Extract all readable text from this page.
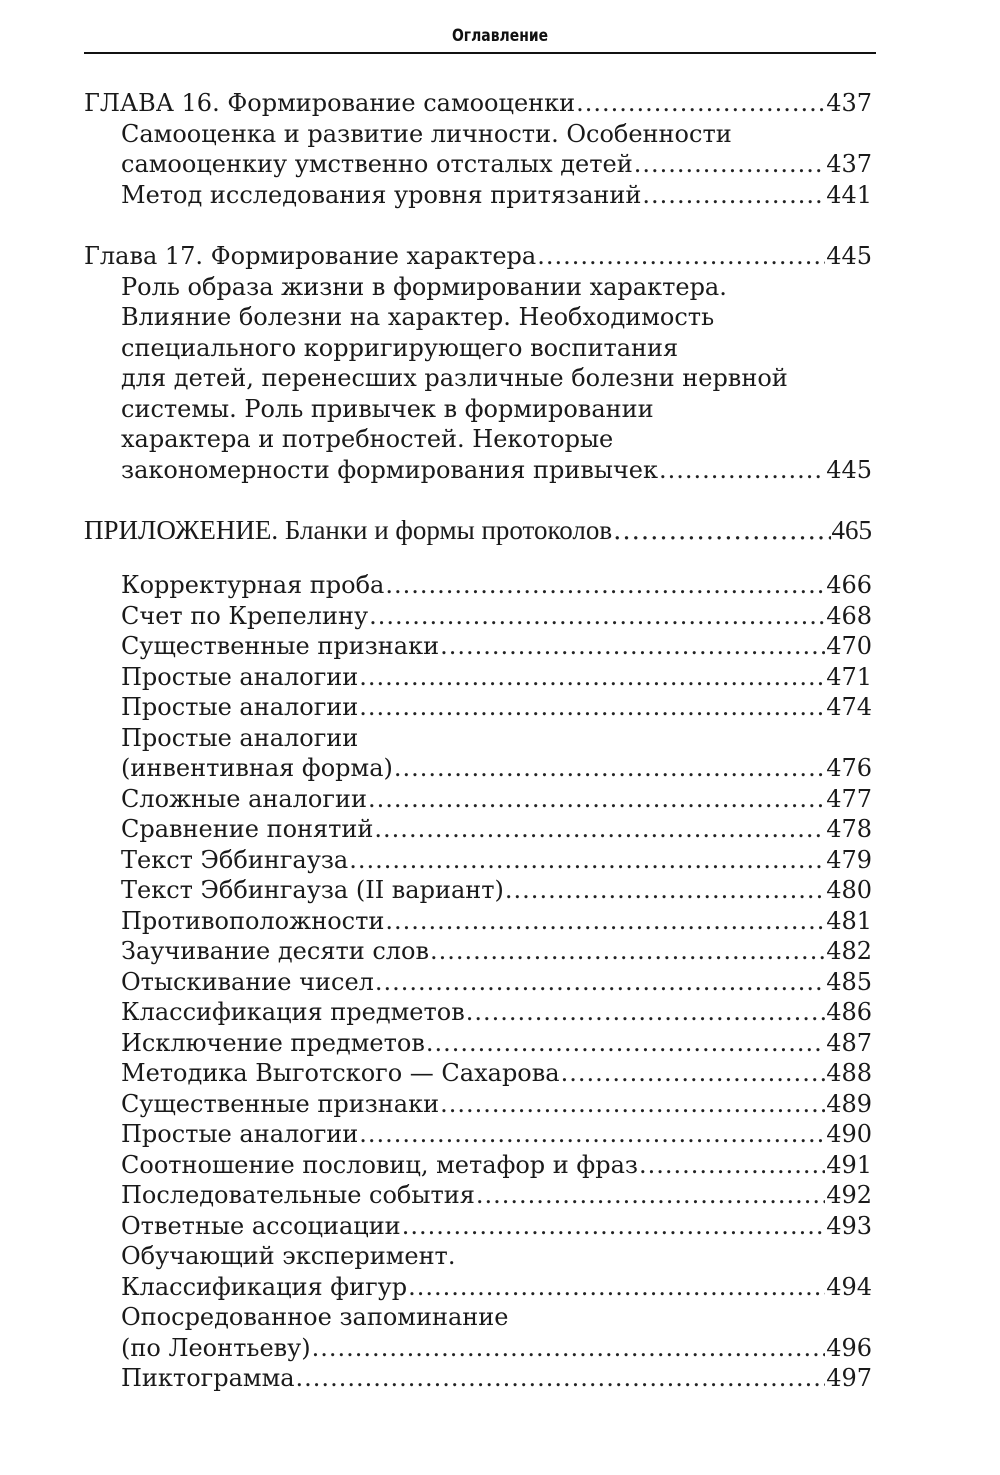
Оглавление
ГЛАВА 16. Формирование самооценки .....	437
Самооценка и развитие личности. Особенности
самооценкиу умственно отсталых детей .....	437
Метод исследования уровня притязаний .....	441
Глава 17. Формирование характера .....	445
Роль образа жизни в формировании характера.
Влияние болезни на характер. Необходимость
специального корригирующего воспитания
для детей, перенесших различные болезни нервной
системы. Роль привычек в формировании
характера и потребностей. Некоторые
закономерности формирования привычек .....	445
ПРИЛОЖЕНИЕ. Бланки и формы протоколов .....	465
Корректурная проба .....	466
Счет по Крепелину .....	468
Существенные признаки .....	470
Простые аналогии .....	471
Простые аналогии .....	474
Простые аналогии
(инвентивная форма) .....	476
Сложные аналогии .....	477
Сравнение понятий .....	478
Текст Эббингауза .....	479
Текст Эббингауза (II вариант) .....	480
Противоположности .....	481
Заучивание десяти слов .....	482
Отыскивание чисел .....	485
Классификация предметов .....	486
Исключение предметов .....	487
Методика Выготского — Сахарова .....	488
Существенные признаки .....	489
Простые аналогии .....	490
Соотношение пословиц, метафор и фраз .....	491
Последовательные события .....	492
Ответные ассоциации .....	493
Обучающий эксперимент.
Классификация фигур .....	494
Опосредованное запоминание
(по Леонтьеву) .....	496
Пиктограмма .....	497
